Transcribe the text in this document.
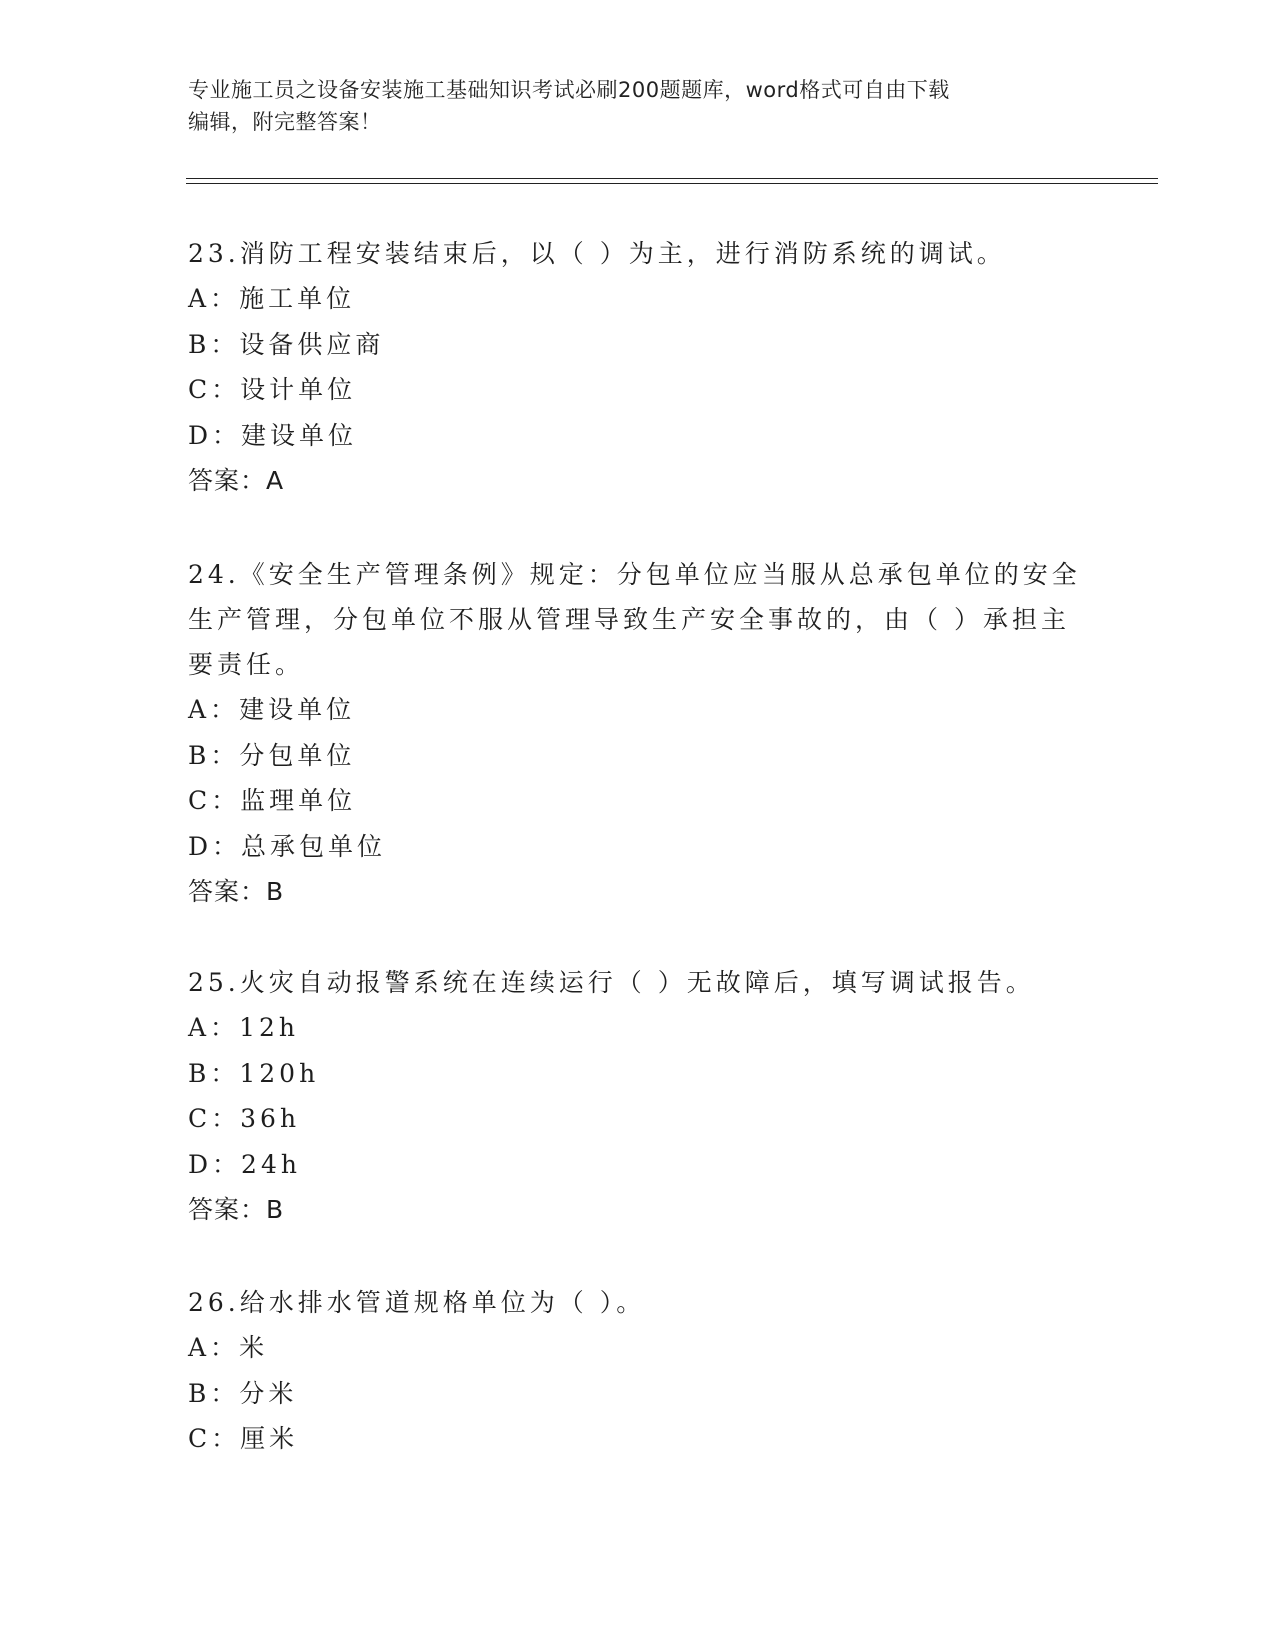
专业施工员之设备安装施工基础知识考试必刷200题题库，word格式可自由下载
编辑，附完整答案！

23.消防工程安装结束后，以（ ）为主，进行消防系统的调试。

A：施工单位

B：设备供应商

C：设计单位

D：建设单位

答案：A

24.《安全生产管理条例》规定：分包单位应当服从总承包单位的安全

生产管理，分包单位不服从管理导致生产安全事故的，由（ ）承担主

要责任。

A：建设单位

B：分包单位

C：监理单位

D：总承包单位

答案：B

25.火灾自动报警系统在连续运行（ ）无故障后，填写调试报告。

A：12h

B：120h

C：36h

D：24h

答案：B

26.给水排水管道规格单位为（ ）。

A：米

B：分米

C：厘米
